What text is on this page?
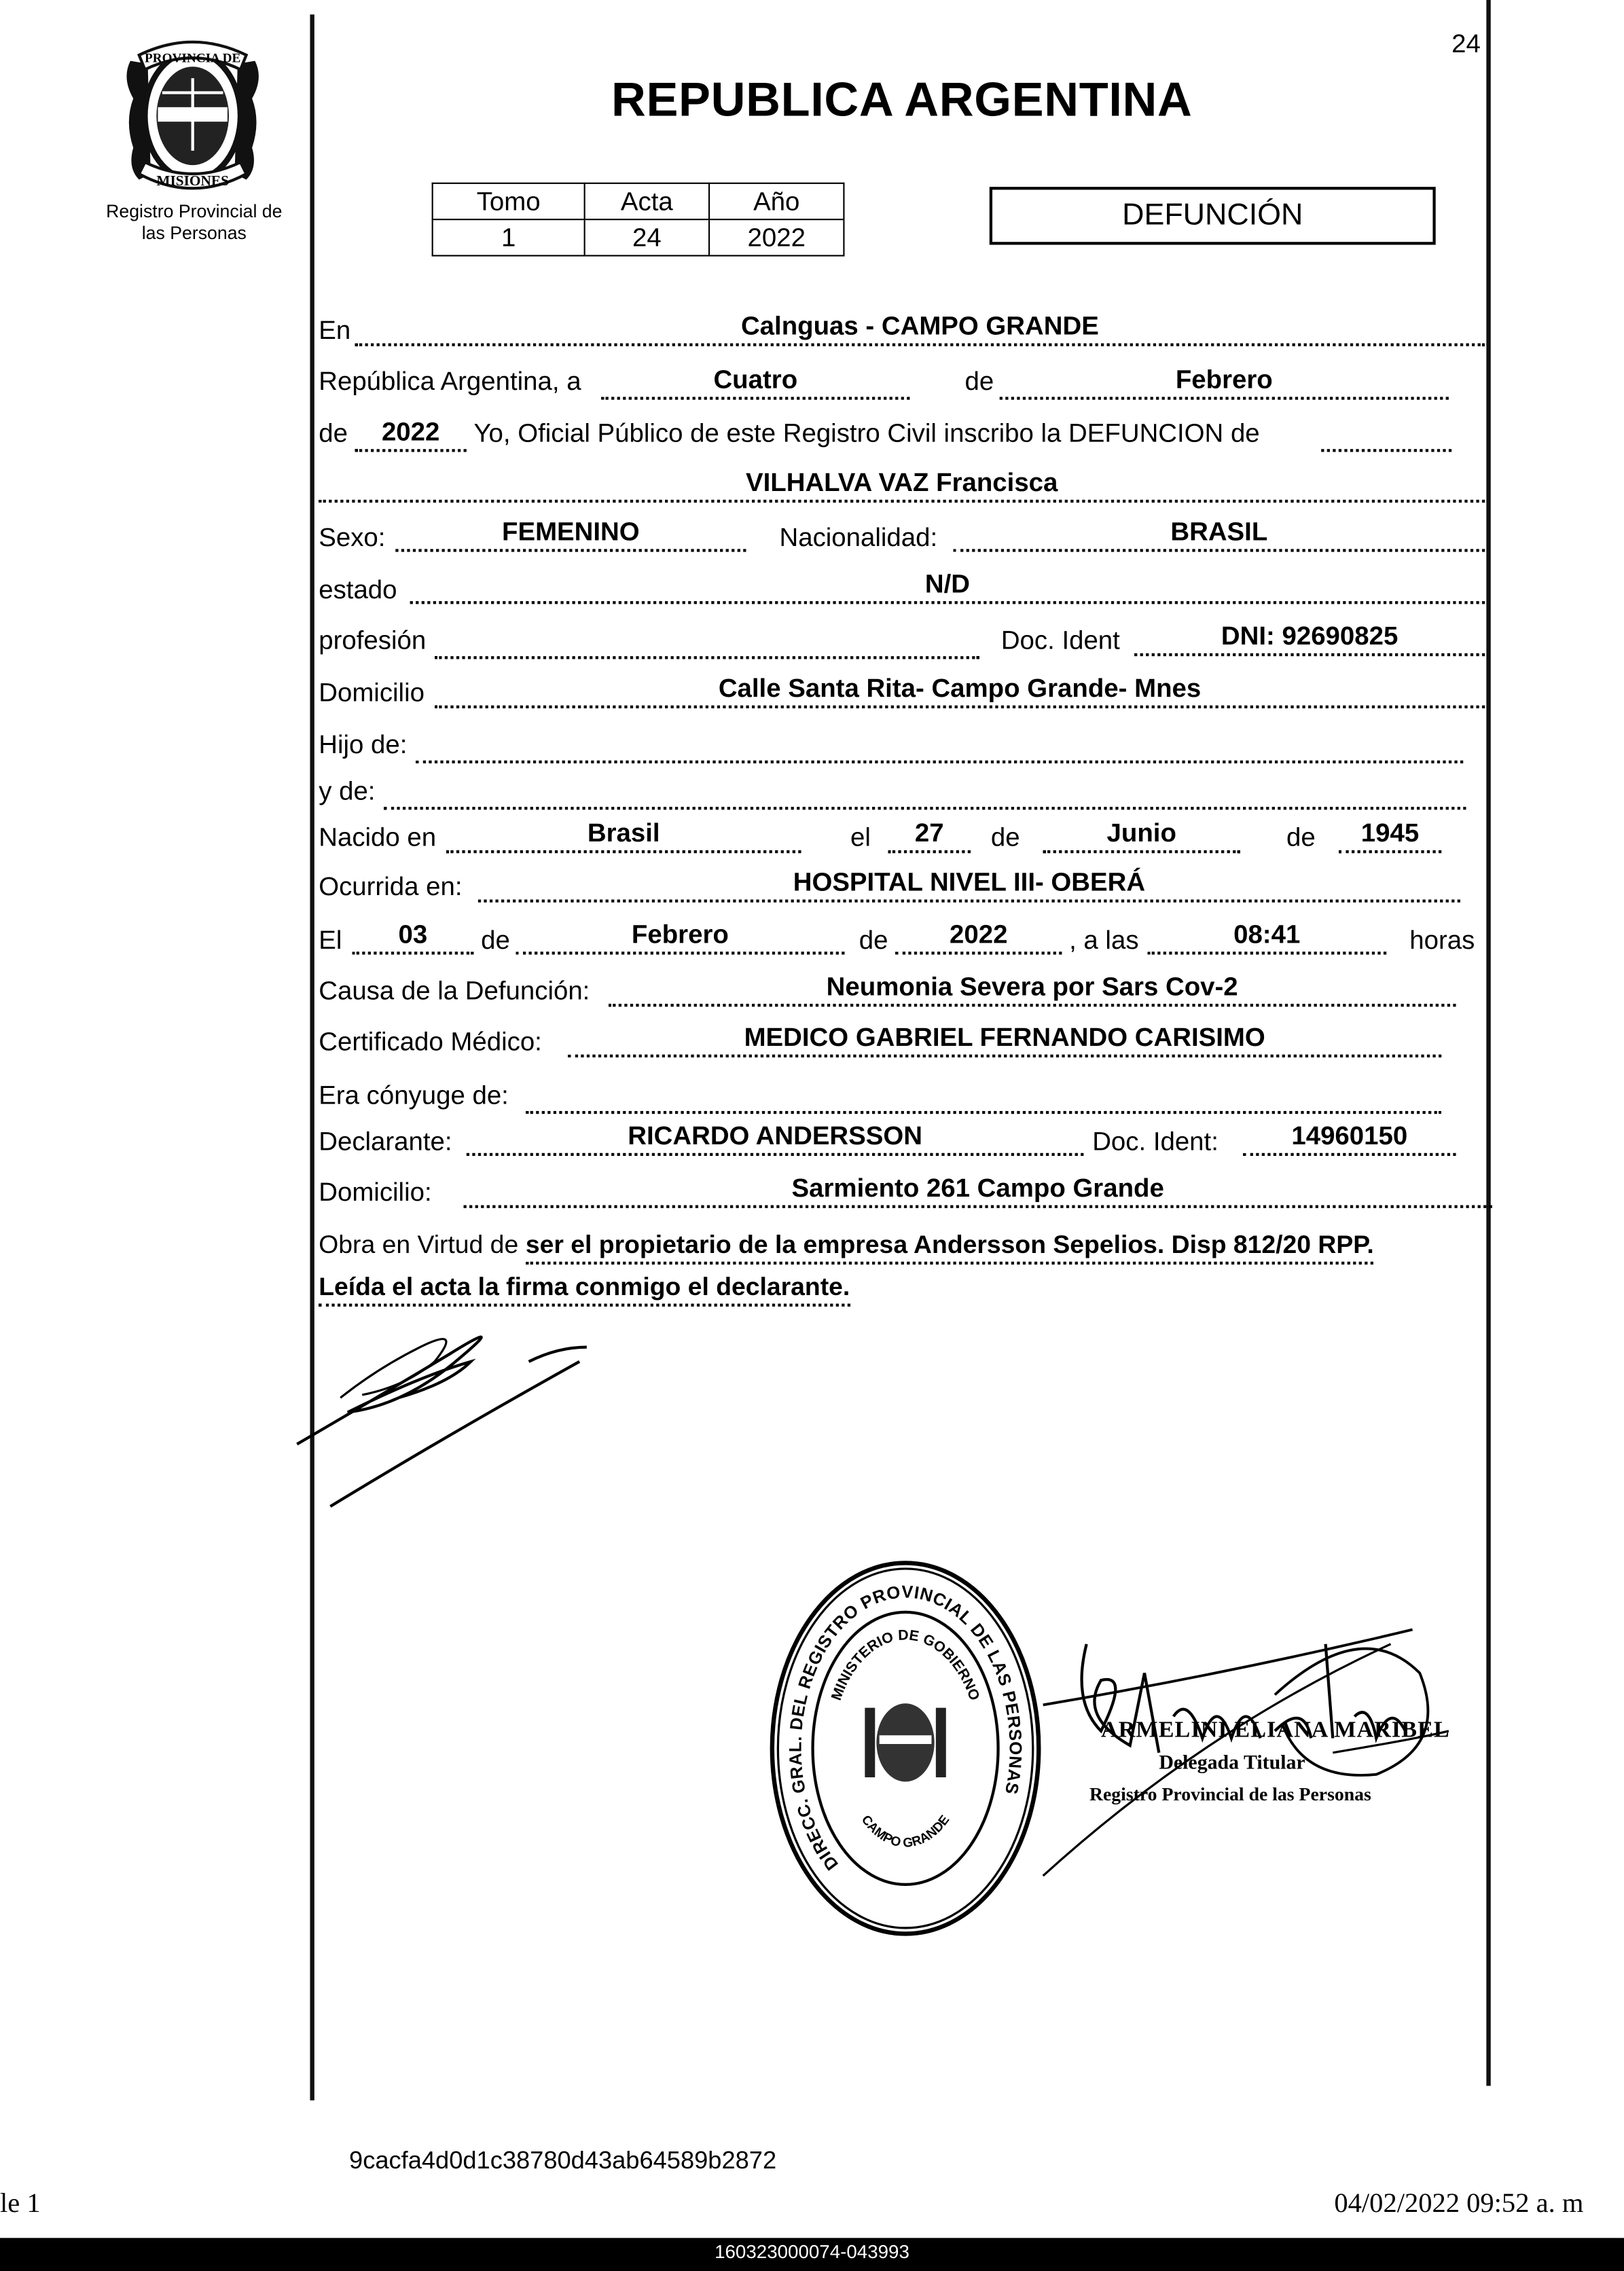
24
PROVINCIA DE
MISIONES
Registro Provincial de
las Personas
REPUBLICA ARGENTINA
Tomo	Acta	Año
1	24	2022
DEFUNCIÓN
En	Calnguas - CAMPO GRANDE
República Argentina, a	Cuatro	de	Febrero
de	2022	Yo, Oficial Público de este Registro Civil inscribo la DEFUNCION de
VILHALVA VAZ Francisca
Sexo:	FEMENINO	Nacionalidad:	BRASIL
estado	N/D
profesión	Doc. Ident	DNI: 92690825
Domicilio	Calle Santa Rita- Campo Grande- Mnes
Hijo de:
y de:
Nacido en	Brasil	el	27	de	Junio	de	1945
Ocurrida en:	HOSPITAL NIVEL III- OBERÁ
El	03	de	Febrero	de	2022	, a las	08:41	horas
Causa de la Defunción:	Neumonia Severa por Sars Cov-2
Certificado Médico:	MEDICO GABRIEL FERNANDO CARISIMO
Era cónyuge de:
Declarante:	RICARDO ANDERSSON	Doc. Ident:	14960150
Domicilio:	Sarmiento 261 Campo Grande
Obra en Virtud de ser el propietario de la empresa Andersson Sepelios. Disp 812/20 RPP.
Leída el acta la firma conmigo el declarante.
DIRECC. GRAL. DEL REGISTRO PROVINCIAL DE LAS PERSONAS
MINISTERIO DE GOBIERNO
CAMPO GRANDE
ARMELINI ELIANA MARIBEL
Delegada Titular
Registro Provincial de las Personas
9cacfa4d0d1c38780d43ab64589b2872
le 1	04/02/2022 09:52 a. m
160323000074-043993
